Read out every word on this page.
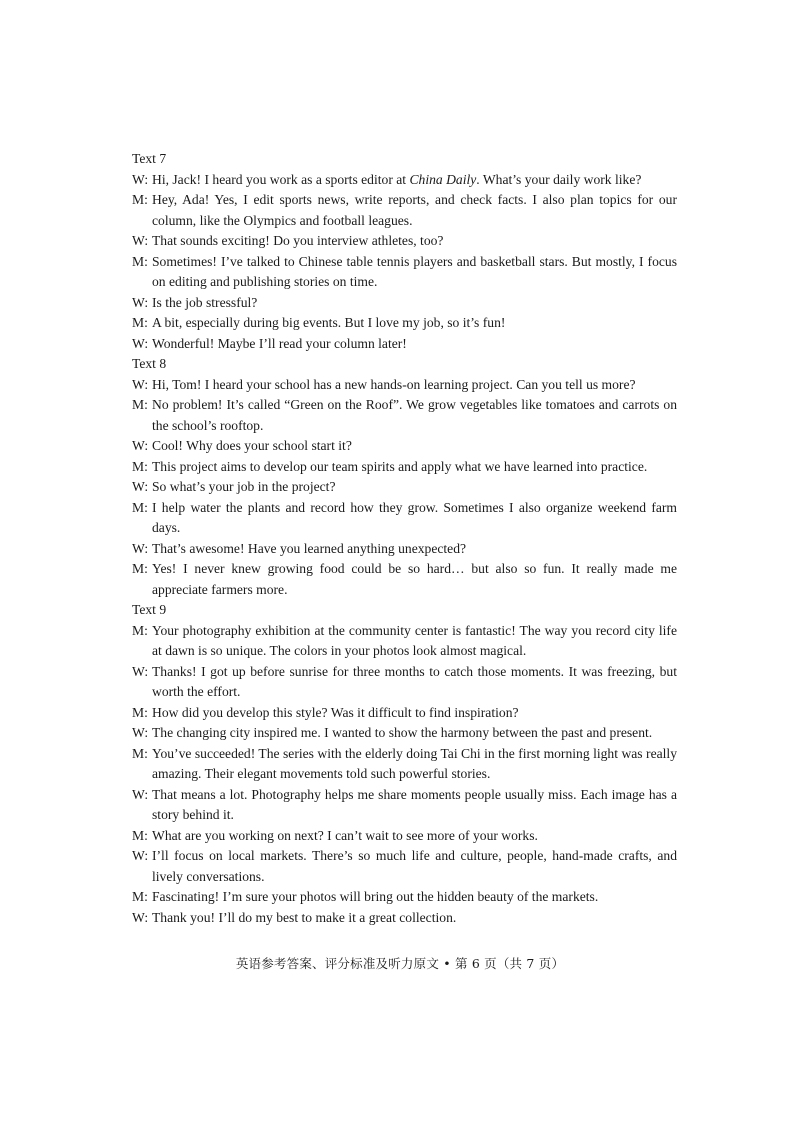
Text 7

W: Hi, Jack! I heard you work as a sports editor at China Daily. What’s your daily work like?

M: Hey, Ada! Yes, I edit sports news, write reports, and check facts. I also plan topics for our column, like the Olympics and football leagues.

W: That sounds exciting! Do you interview athletes, too?

M: Sometimes! I’ve talked to Chinese table tennis players and basketball stars. But mostly, I focus on editing and publishing stories on time.

W: Is the job stressful?

M: A bit, especially during big events. But I love my job, so it’s fun!

W: Wonderful! Maybe I’ll read your column later!

Text 8

W: Hi, Tom! I heard your school has a new hands-on learning project. Can you tell us more?

M: No problem! It’s called “Green on the Roof”. We grow vegetables like tomatoes and carrots on the school’s rooftop.

W: Cool! Why does your school start it?

M: This project aims to develop our team spirits and apply what we have learned into practice.

W: So what’s your job in the project?

M: I help water the plants and record how they grow. Sometimes I also organize weekend farm days.

W: That’s awesome! Have you learned anything unexpected?

M: Yes! I never knew growing food could be so hard… but also so fun. It really made me appreciate farmers more.

Text 9

M: Your photography exhibition at the community center is fantastic! The way you record city life at dawn is so unique. The colors in your photos look almost magical.

W: Thanks! I got up before sunrise for three months to catch those moments. It was freezing, but worth the effort.

M: How did you develop this style? Was it difficult to find inspiration?

W: The changing city inspired me. I wanted to show the harmony between the past and present.

M: You’ve succeeded! The series with the elderly doing Tai Chi in the first morning light was really amazing. Their elegant movements told such powerful stories.

W: That means a lot. Photography helps me share moments people usually miss. Each image has a story behind it.

M: What are you working on next? I can’t wait to see more of your works.

W: I’ll focus on local markets. There’s so much life and culture, people, hand-made crafts, and lively conversations.

M: Fascinating! I’m sure your photos will bring out the hidden beauty of the markets.

W: Thank you! I’ll do my best to make it a great collection.

英语参考答案、评分标准及听力原文 • 第 6 页（共 7 页）
